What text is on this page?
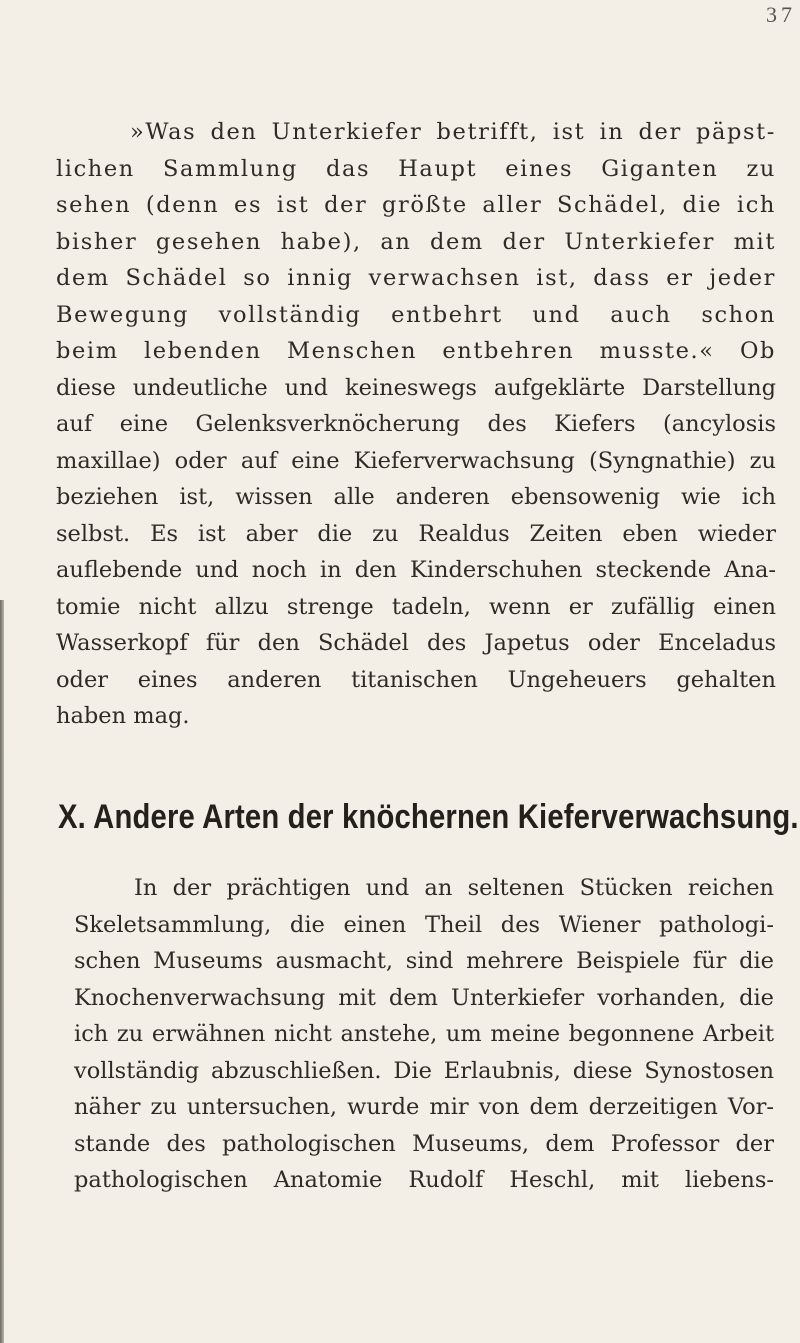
37
»Was den Unterkiefer betrifft, ist in der päpst-
lichen Sammlung das Haupt eines Giganten zu
sehen (denn es ist der größte aller Schädel, die ich
bisher gesehen habe), an dem der Unterkiefer mit
dem Schädel so innig verwachsen ist, dass er jeder
Bewegung vollständig entbehrt und auch schon
beim lebenden Menschen entbehren musste.« Ob
diese undeutliche und keineswegs aufgeklärte Darstellung
auf eine Gelenksverknöcherung des Kiefers (ancylosis
maxillae) oder auf eine Kieferverwachsung (Syngnathie) zu
beziehen ist, wissen alle anderen ebensowenig wie ich
selbst. Es ist aber die zu Realdus Zeiten eben wieder
auflebende und noch in den Kinderschuhen steckende Ana-
tomie nicht allzu strenge tadeln, wenn er zufällig einen
Wasserkopf für den Schädel des Japetus oder Enceladus
oder eines anderen titanischen Ungeheuers gehalten
haben mag.
X. Andere Arten der knöchernen Kieferverwachsung.
In der prächtigen und an seltenen Stücken reichen
Skeletsammlung, die einen Theil des Wiener pathologi-
schen Museums ausmacht, sind mehrere Beispiele für die
Knochenverwachsung mit dem Unterkiefer vorhanden, die
ich zu erwähnen nicht anstehe, um meine begonnene Arbeit
vollständig abzuschließen. Die Erlaubnis, diese Synostosen
näher zu untersuchen, wurde mir von dem derzeitigen Vor-
stande des pathologischen Museums, dem Professor der
pathologischen Anatomie Rudolf Heschl, mit liebens-
